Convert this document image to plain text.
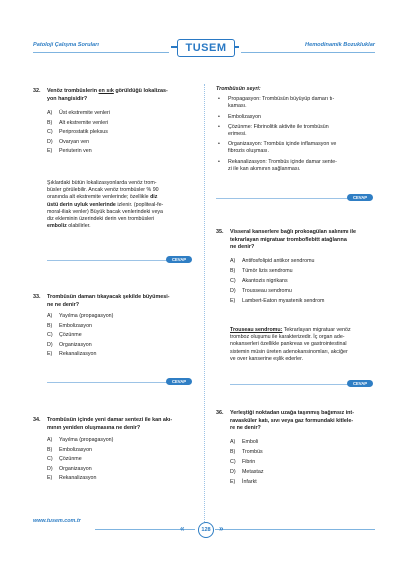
Patoloji Çalışma Soruları	Hemodinamik Bozukluklar
TUSEM
32. Venöz trombüslerin en sık görüldüğü lokalizas-
yon hangisidir?
A) Üst ekstremite venleri
B) Alt ekstremite venleri
C) Periprostatik pleksus
D) Ovaryan ven
E) Periuterin ven
Şıklardaki bütün lokalizasyonlarda venöz trom-
büsler görülebilir. Ancak venöz trombüsler % 90
oranında alt ekstremite venlerinde; özellikle diz
üstü derin uyluk venlerinde izlenir. (popliteal-fe-
moral-iliak venler) Büyük bacak venlerindeki veya
diz ekleminin üzerindeki derin ven trombüsleri
emboliz olabilirler.
CEVAP
33. Trombüsün damarı tıkayacak şekilde büyümesi-
ne ne denir?
A) Yayılma (propagasyon)
B) Embolizasyon
C) Çözünme
D) Organizasyon
E) Rekanalizasyon
CEVAP
34. Trombüsün içinde yeni damar sentezi ile kan akı-
mının yeniden oluşmasına ne denir?
A) Yayılma (propagasyon)
B) Embolizasyon
C) Çözünme
D) Organizasyon
E) Rekanalizasyon
Trombüsün seyri:
• Propagasyon: Trombüsün büyüyüp damarı tı-
kaması.
• Embolizasyon
• Çözünme: Fibrinolitik aktivite ile trombüsün
erimesi.
• Organizasyon: Trombüs içinde inflamasyon ve
fibrozis oluşması.
• Rekanalizasyon: Trombüs içinde damar sente-
zi ile kan akımının sağlanması.
CEVAP
35. Visseral kanserlere bağlı prokoagülan salınımı ile
tekrarlayan migratuar tromboflebitt atağlarına
ne denir?
A) Antifosfolipid antikor sendromu
B) Tümör lizis sendromu
C) Akantozis nigrikans
D) Trousseau sendromu
E) Lambert-Eaton myastenik sendrom
Trouseau sendromu: Tekrarlayan migratuar venöz
tromboz oluşumu ile karakterizedir. İç organ ade-
nokanserleri özellikle pankreas ve gastrointestinal
sistemin müsin üreten adenokansinomları, akciğer
ve over kanserine eşlik ederler.
CEVAP
36. Yerleştiği noktadan uzağa taşınmış bağımsız int-
ravasküler katı, sıvı veya gaz formundaki kitlele-
re ne denir?
A) Emboli
B) Trombüs
C) Fibrin
D) Metastaz
E) İnfarkt
www.tusem.com.tr
«	»
128
